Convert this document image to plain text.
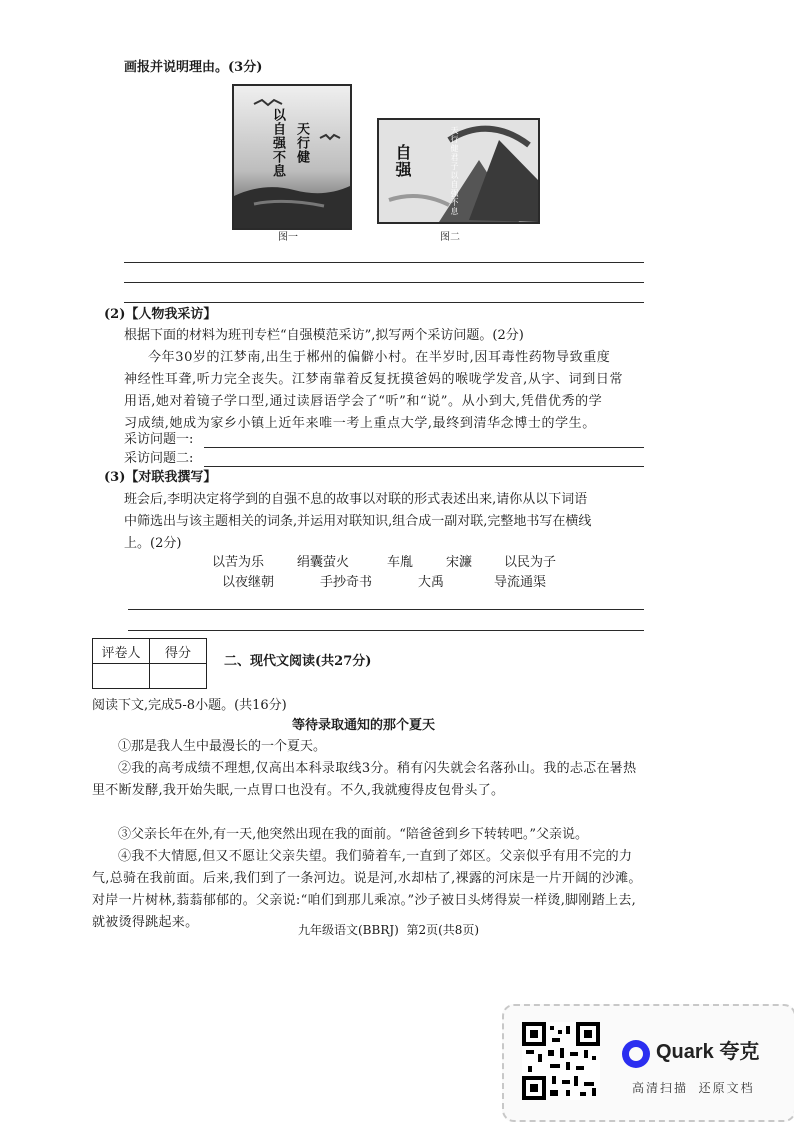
画报并说明理由。(3分)
以自强不息 天行健
图一
自强	天行健君子以自强不息
图二
(2)【人物我采访】
根据下面的材料为班刊专栏“自强模范采访”,拟写两个采访问题。(2分)
今年30岁的江梦南,出生于郴州的偏僻小村。在半岁时,因耳毒性药物导致重度
神经性耳聋,听力完全丧失。江梦南靠着反复抚摸爸妈的喉咙学发音,从字、词到日常
用语,她对着镜子学口型,通过读唇语学会了“听”和“说”。从小到大,凭借优秀的学
习成绩,她成为家乡小镇上近年来唯一考上重点大学,最终到清华念博士的学生。
采访问题一:
采访问题二:
(3)【对联我撰写】
班会后,李明决定将学到的自强不息的故事以对联的形式表述出来,请你从以下词语
中筛选出与该主题相关的词条,并运用对联知识,组合成一副对联,完整地书写在横线
上。(2分)
以苦为乐	绢囊萤火	车胤	宋濂 以民为子
以夜继朝	手抄奇书	大禹	导流通渠
评卷人	得分

二、现代文阅读(共27分)
阅读下文,完成5-8小题。(共16分)
等待录取通知的那个夏天
①那是我人生中最漫长的一个夏天。
②我的高考成绩不理想,仅高出本科录取线3分。稍有闪失就会名落孙山。我的忐忑在暑热里不断发酵,我开始失眠,一点胃口也没有。不久,我就瘦得皮包骨头了。
③父亲长年在外,有一天,他突然出现在我的面前。“陪爸爸到乡下转转吧。”父亲说。
④我不大情愿,但又不愿让父亲失望。我们骑着车,一直到了郊区。父亲似乎有用不完的力气,总骑在我前面。后来,我们到了一条河边。说是河,水却枯了,裸露的河床是一片开阔的沙滩。对岸一片树林,蓊蓊郁郁的。父亲说:“咱们到那儿乘凉。”沙子被日头烤得炭一样烫,脚刚踏上去,就被烫得跳起来。	九年级语文(BBRJ)  第2页(共8页)
Quark 夸克
高清扫描  还原文档
